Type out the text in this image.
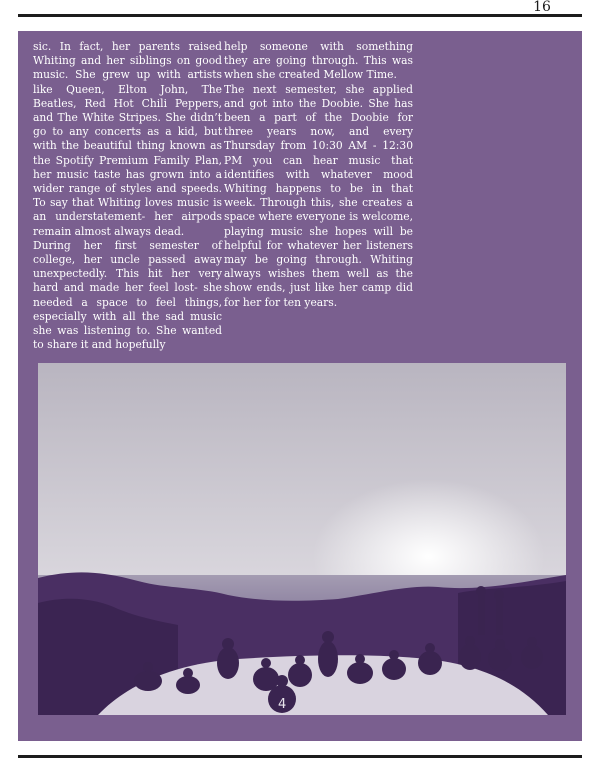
16

sic. In fact, her parents raised Whiting and her siblings on good music. She grew up with artists like Queen, Elton John, The Beatles, Red Hot Chili Peppers, and The White Stripes. She didn’t go to any concerts as a kid, but with the beautiful thing known as the Spotify Premium Family Plan, her music taste has grown into a wider range of styles and speeds. To say that Whiting loves music is an understatement- her airpods remain almost always dead.

During her first semester of college, her uncle passed away unexpectedly. This hit her very hard and made her feel lost- she needed a space to feel things, especially with all the sad music she was listening to. She wanted to share it and hopefully

help someone with something they are going through. This was when she created Mellow Time.

The next semester, she applied and got into the Doobie. She has been a part of the Doobie for three years now, and every Thursday from 10:30 AM - 12:30 PM you can hear music that identifies with whatever mood Whiting happens to be in that week. Through this, she creates a space where everyone is welcome, playing music she hopes will be helpful for whatever her listeners may be going through. Whiting always wishes them well as the show ends, just like her camp did for her for ten years.

4
